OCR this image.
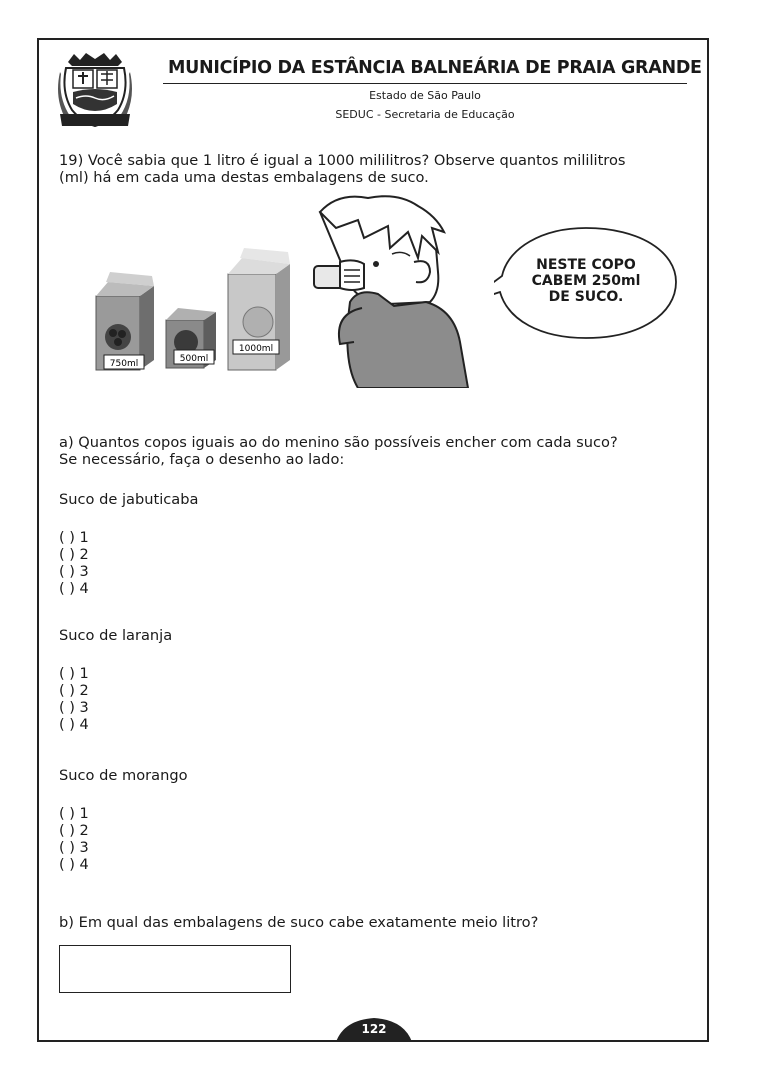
MUNICÍPIO DA ESTÂNCIA BALNEÁRIA DE PRAIA GRANDE
Estado de São Paulo
SEDUC - Secretaria de Educação
19) Você sabia que 1 litro é igual a 1000 mililitros? Observe quantos mililitros
(ml) há em cada uma destas embalagens de suco.
750ml	500ml
1000ml
NESTE COPO
CABEM 250ml
DE SUCO.
a) Quantos copos iguais ao do menino são possíveis encher com cada suco?
Se necessário, faça o desenho ao lado:
Suco de jabuticaba
( ) 1
( ) 2
( ) 3
( ) 4
Suco de laranja
( ) 1
( ) 2
( ) 3
( ) 4
Suco de morango
( ) 1
( ) 2
( ) 3
( ) 4
b) Em qual das embalagens de suco cabe exatamente meio litro?
122
